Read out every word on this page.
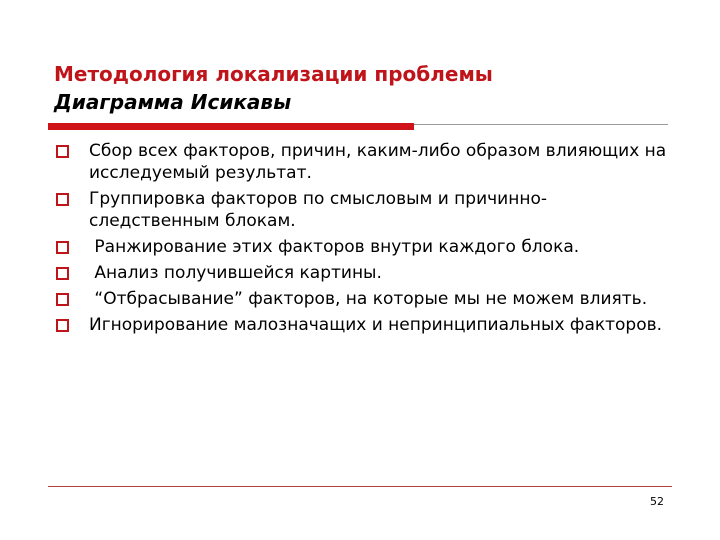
Методология локализации проблемы
Диаграмма Исикавы
Сбор всех факторов, причин, каким-либо образом влияющих на исследуемый результат.
Группировка факторов по смысловым и причинно-следственным блокам.
Ранжирование этих факторов внутри каждого блока.
Анализ получившейся картины.
“Отбрасывание” факторов, на которые мы не можем влиять.
Игнорирование малозначащих и непринципиальных факторов.
52
